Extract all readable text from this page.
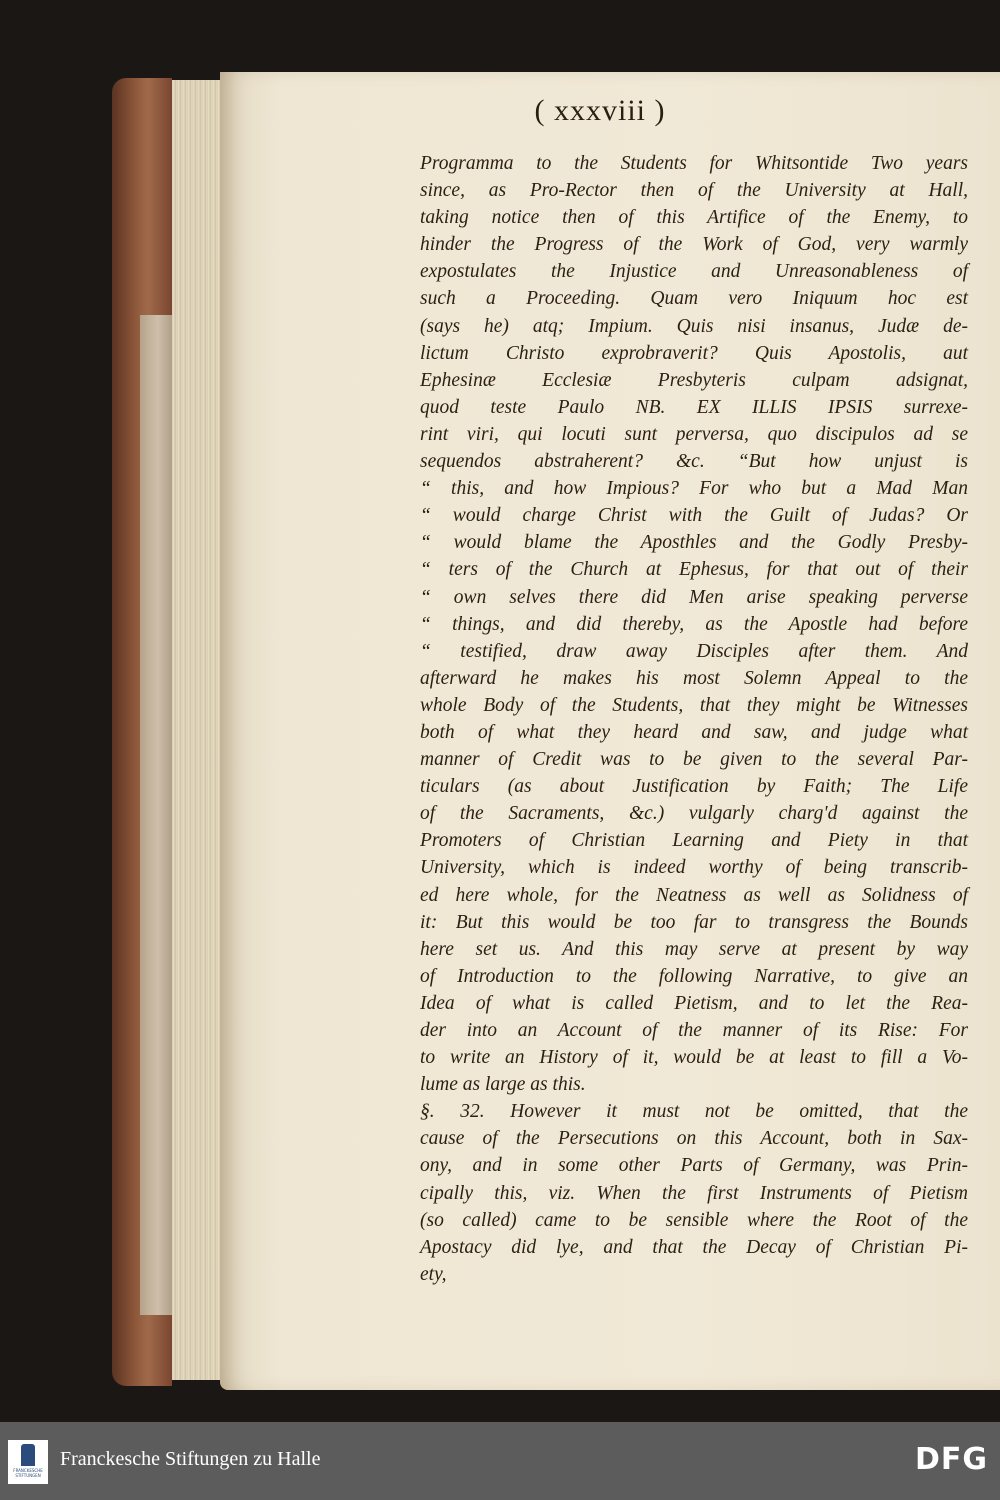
( xxxviii )
Programma to the Students for Whitsontide Two years
since, as Pro-Rector then of the University at Hall,
taking notice then of this Artifice of the Enemy, to
hinder the Progress of the Work of God, very warmly
expostulates the Injustice and Unreasonableness of
such a Proceeding. Quam vero Iniquum hoc est
(says he) atq; Impium. Quis nisi insanus, Judæ de-
lictum Christo exprobraverit? Quis Apostolis, aut
Ephesinæ Ecclesiæ Presbyteris culpam adsignat,
quod teste Paulo NB. EX ILLIS IPSIS surrexe-
rint viri, qui locuti sunt perversa, quo discipulos ad se
sequendos abstraherent? &c. “But how unjust is
“ this, and how Impious? For who but a Mad Man
“ would charge Christ with the Guilt of Judas? Or
“ would blame the Aposthles and the Godly Presby-
“ ters of the Church at Ephesus, for that out of their
“ own selves there did Men arise speaking perverse
“ things, and did thereby, as the Apostle had before
“ testified, draw away Disciples after them. And
afterward he makes his most Solemn Appeal to the
whole Body of the Students, that they might be Witnesses
both of what they heard and saw, and judge what
manner of Credit was to be given to the several Par-
ticulars (as about Justification by Faith; The Life
of the Sacraments, &c.) vulgarly charg'd against the
Promoters of Christian Learning and Piety in that
University, which is indeed worthy of being transcrib-
ed here whole, for the Neatness as well as Solidness of
it: But this would be too far to transgress the Bounds
here set us. And this may serve at present by way
of Introduction to the following Narrative, to give an
Idea of what is called Pietism, and to let the Rea-
der into an Account of the manner of its Rise: For
to write an History of it, would be at least to fill a Vo-
lume as large as this.
§. 32. However it must not be omitted, that the
cause of the Persecutions on this Account, both in Sax-
ony, and in some other Parts of Germany, was Prin-
cipally this, viz. When the first Instruments of Pietism
(so called) came to be sensible where the Root of the
Apostacy did lye, and that the Decay of Christian Pi-
ety,
FRANCKESCHE STIFTUNGEN
Franckesche Stiftungen zu Halle	DFG
